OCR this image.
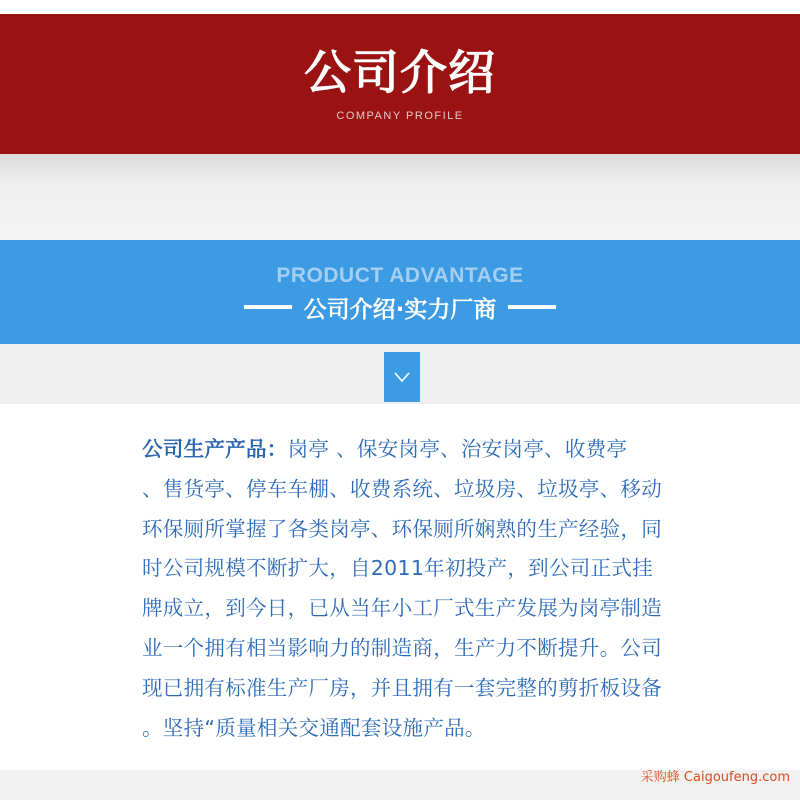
公司介绍
COMPANY PROFILE
PRODUCT ADVANTAGE
公司介绍·实力厂商
公司生产产品：岗亭 、保安岗亭、治安岗亭、收费亭
、售货亭、停车车棚、收费系统、垃圾房、垃圾亭、移动
环保厕所掌握了各类岗亭、环保厕所娴熟的生产经验，同
时公司规模不断扩大，自2011年初投产，到公司正式挂
牌成立，到今日，已从当年小工厂式生产发展为岗亭制造
业一个拥有相当影响力的制造商，生产力不断提升。公司
现已拥有标准生产厂房，并且拥有一套完整的剪折板设备
。坚持“质量相关交通配套设施产品。
采购蜂 Caigoufeng.com
